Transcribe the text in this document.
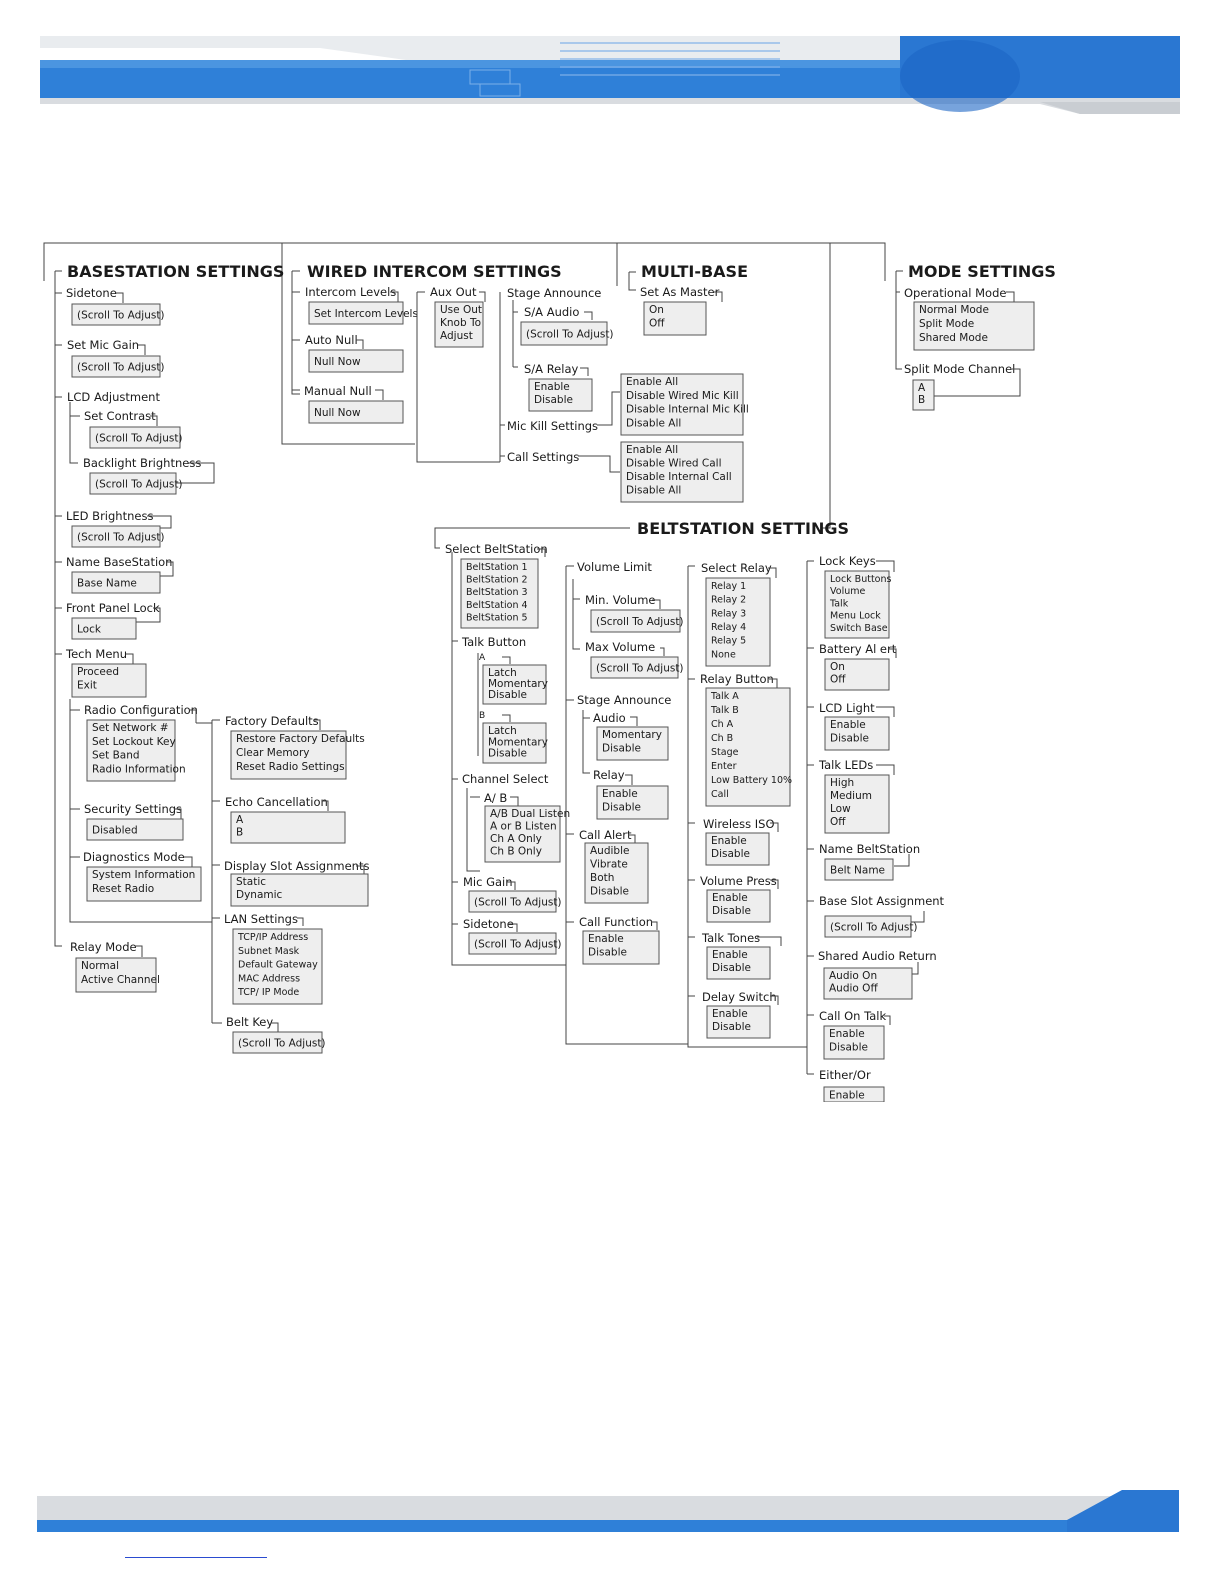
BASESTATION SETTINGS
Sidetone
(Scroll To Adjust)
Set Mic Gain
(Scroll To Adjust)
LCD Adjustment
Set Contrast
(Scroll To Adjust)
Backlight Brightness
(Scroll To Adjust)
LED Brightness
(Scroll To Adjust)
Name BaseStation
Base Name
Front Panel Lock
Lock
Tech Menu
Proceed
Exit
Radio Configuration
Set Network #
Set Lockout Key
Set Band
Radio Information
Security Settings
Disabled
Diagnostics Mode
System Information
Reset Radio
Relay Mode
Normal
Active Channel
Factory Defaults
Restore Factory Defaults
Clear Memory
Reset Radio Settings
Echo Cancellation
A
B
Display Slot Assignments
Static
Dynamic
LAN Settings
TCP/IP Address
Subnet Mask
Default Gateway
MAC Address
TCP/ IP Mode
Belt Key
(Scroll To Adjust)
WIRED INTERCOM SETTINGS
Intercom Levels
Set Intercom Levels
Auto Null
Null Now
Manual Null
Null Now
Aux Out
Use Out
Knob To
Adjust
Stage Announce
S/A Audio
(Scroll To Adjust)
S/A Relay
Enable
Disable
Mic Kill Settings
Enable All
Disable Wired Mic Kill
Disable Internal Mic Kill
Disable All
Call Settings	Enable All
Disable Wired Call
Disable Internal Call
Disable All
MULTI-BASE
Set As Master
On
Off
MODE SETTINGS
Operational Mode
Normal Mode
Split Mode
Shared Mode
Split Mode Channel
A
B
BELTSTATION SETTINGS
Select BeltStation
BeltStation 1
BeltStation 2
BeltStation 3
BeltStation 4
BeltStation 5
Talk Button
A
Latch
Momentary
Disable
B
Latch
Momentary
Disable
Channel Select
A/ B
A/B Dual Listen
A or B Listen
Ch A Only
Ch B Only
Mic Gain
(Scroll To Adjust)
Sidetone
(Scroll To Adjust)
Volume Limit
Min. Volume
(Scroll To Adjust)
Max Volume
(Scroll To Adjust)
Stage Announce
Audio
Momentary
Disable
Relay
Enable
Disable
Call Alert
Audible
Vibrate
Both
Disable
Call Function
Enable
Disable
Select Relay
Relay 1
Relay 2
Relay 3
Relay 4
Relay 5
None
Relay Button
Talk A
Talk B
Ch A
Ch B
Stage
Enter
Low Battery 10%
Call
Wireless ISO
Enable
Disable
Volume Press
Enable
Disable
Talk Tones
Enable
Disable
Delay Switch
Enable
Disable
Lock Keys
Lock Buttons
Volume
Talk
Menu Lock
Switch Base
Battery Al ert
On
Off
LCD Light
Enable
Disable
Talk LEDs
High
Medium
Low
Off
Name BeltStation
Belt Name
Base Slot Assignment
(Scroll To Adjust)
Shared Audio Return
Audio On
Audio Off
Call On Talk
Enable
Disable
Either/Or
Enable
